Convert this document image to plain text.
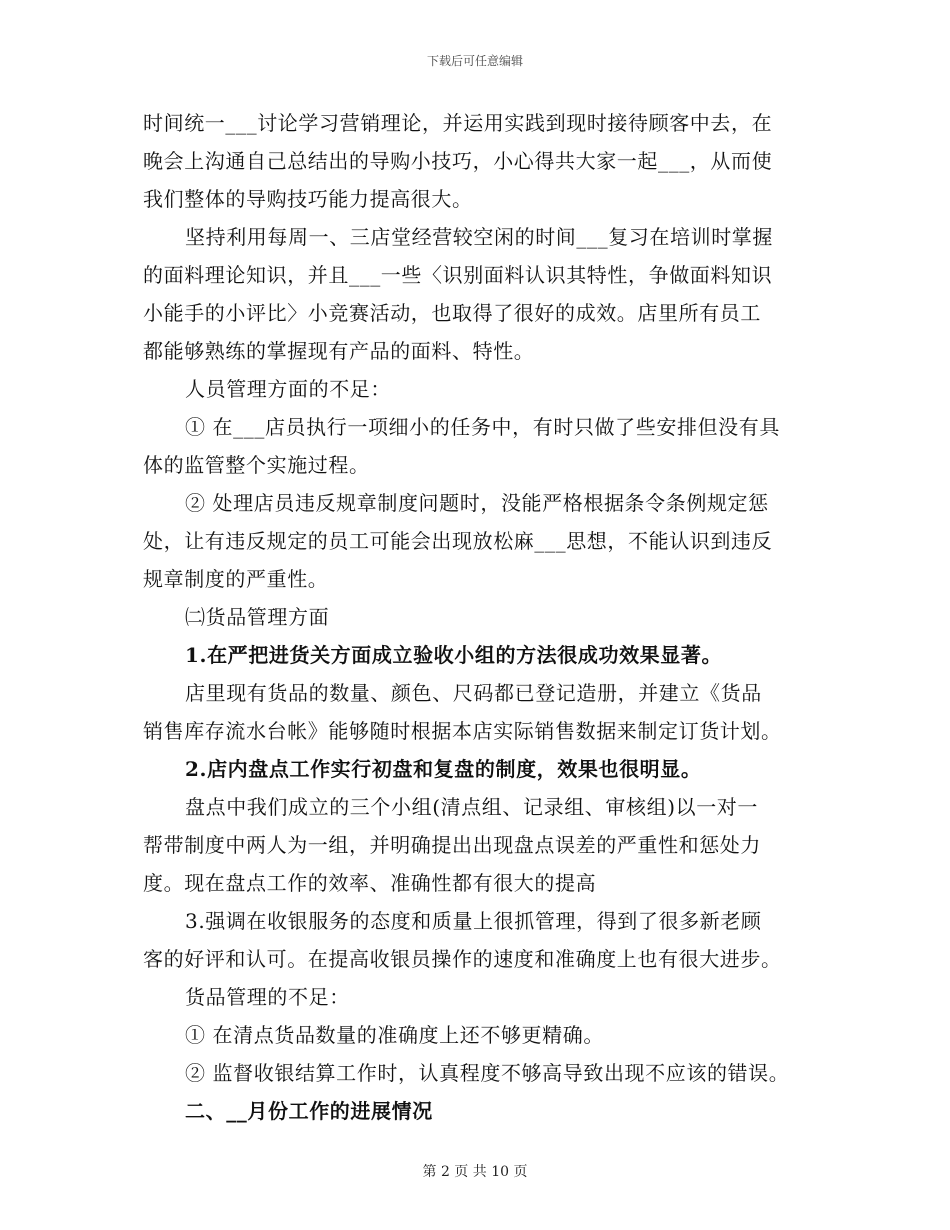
下载后可任意编辑
时间统一___讨论学习营销理论，并运用实践到现时接待顾客中去，在
晚会上沟通自己总结出的导购小技巧，小心得共大家一起___，从而使
我们整体的导购技巧能力提高很大。
坚持利用每周一、三店堂经营较空闲的时间___复习在培训时掌握
的面料理论知识，并且___一些〈识别面料认识其特性，争做面料知识
小能手的小评比〉小竞赛活动，也取得了很好的成效。店里所有员工
都能够熟练的掌握现有产品的面料、特性。
人员管理方面的不足：
① 在___店员执行一项细小的任务中，有时只做了些安排但没有具
体的监管整个实施过程。
② 处理店员违反规章制度问题时，没能严格根据条令条例规定惩
处，让有违反规定的员工可能会出现放松麻___思想，不能认识到违反
规章制度的严重性。
㈡货品管理方面
1.在严把进货关方面成立验收小组的方法很成功效果显著。
店里现有货品的数量、颜色、尺码都已登记造册，并建立《货品
销售库存流水台帐》能够随时根据本店实际销售数据来制定订货计划。
2.店内盘点工作实行初盘和复盘的制度，效果也很明显。
盘点中我们成立的三个小组(清点组、记录组、审核组)以一对一
帮带制度中两人为一组，并明确提出出现盘点误差的严重性和惩处力
度。现在盘点工作的效率、准确性都有很大的提高
3.强调在收银服务的态度和质量上很抓管理，得到了很多新老顾
客的好评和认可。在提高收银员操作的速度和准确度上也有很大进步。
货品管理的不足：
① 在清点货品数量的准确度上还不够更精确。
② 监督收银结算工作时，认真程度不够高导致出现不应该的错误。
二、__月份工作的进展情况
第 2 页 共 10 页
